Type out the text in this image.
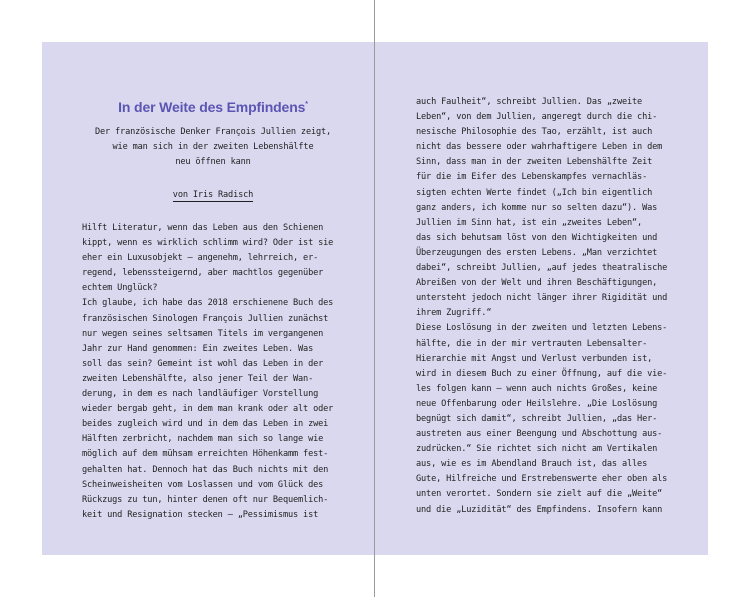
In der Weite des Empfindens*
Der französische Denker François Jullien zeigt,
wie man sich in der zweiten Lebenshälfte
neu öffnen kann
von Iris Radisch
Hilft Literatur, wenn das Leben aus den Schienen
kippt, wenn es wirklich schlimm wird? Oder ist sie
eher ein Luxusobjekt – angenehm, lehrreich, er-
regend, lebenssteigernd, aber machtlos gegenüber
echtem Unglück?
Ich glaube, ich habe das 2018 erschienene Buch des
französischen Sinologen François Jullien zunächst
nur wegen seines seltsamen Titels im vergangenen
Jahr zur Hand genommen: Ein zweites Leben. Was
soll das sein? Gemeint ist wohl das Leben in der
zweiten Lebenshälfte, also jener Teil der Wan-
derung, in dem es nach landläufiger Vorstellung
wieder bergab geht, in dem man krank oder alt oder
beides zugleich wird und in dem das Leben in zwei
Hälften zerbricht, nachdem man sich so lange wie
möglich auf dem mühsam erreichten Höhenkamm fest-
gehalten hat. Dennoch hat das Buch nichts mit den
Scheinweisheiten vom Loslassen und vom Glück des
Rückzugs zu tun, hinter denen oft nur Bequemlich-
keit und Resignation stecken – „Pessimismus ist
auch Faulheit“, schreibt Jullien. Das „zweite
Leben“, von dem Jullien, angeregt durch die chi-
nesische Philosophie des Tao, erzählt, ist auch
nicht das bessere oder wahrhaftigere Leben in dem
Sinn, dass man in der zweiten Lebenshälfte Zeit
für die im Eifer des Lebenskampfes vernachläs-
sigten echten Werte findet („Ich bin eigentlich
ganz anders, ich komme nur so selten dazu“). Was
Jullien im Sinn hat, ist ein „zweites Leben“,
das sich behutsam löst von den Wichtigkeiten und
Überzeugungen des ersten Lebens. „Man verzichtet
dabei“, schreibt Jullien, „auf jedes theatralische
Abreißen von der Welt und ihren Beschäftigungen,
untersteht jedoch nicht länger ihrer Rigidität und
ihrem Zugriff.“
Diese Loslösung in der zweiten und letzten Lebens-
hälfte, die in der mir vertrauten Lebensalter-
Hierarchie mit Angst und Verlust verbunden ist,
wird in diesem Buch zu einer Öffnung, auf die vie-
les folgen kann – wenn auch nichts Großes, keine
neue Offenbarung oder Heilslehre. „Die Loslösung
begnügt sich damit“, schreibt Jullien, „das Her-
austreten aus einer Beengung und Abschottung aus-
zudrücken.“ Sie richtet sich nicht am Vertikalen
aus, wie es im Abendland Brauch ist, das alles
Gute, Hilfreiche und Erstrebenswerte eher oben als
unten verortet. Sondern sie zielt auf die „Weite“
und die „Luzidität“ des Empfindens. Insofern kann
